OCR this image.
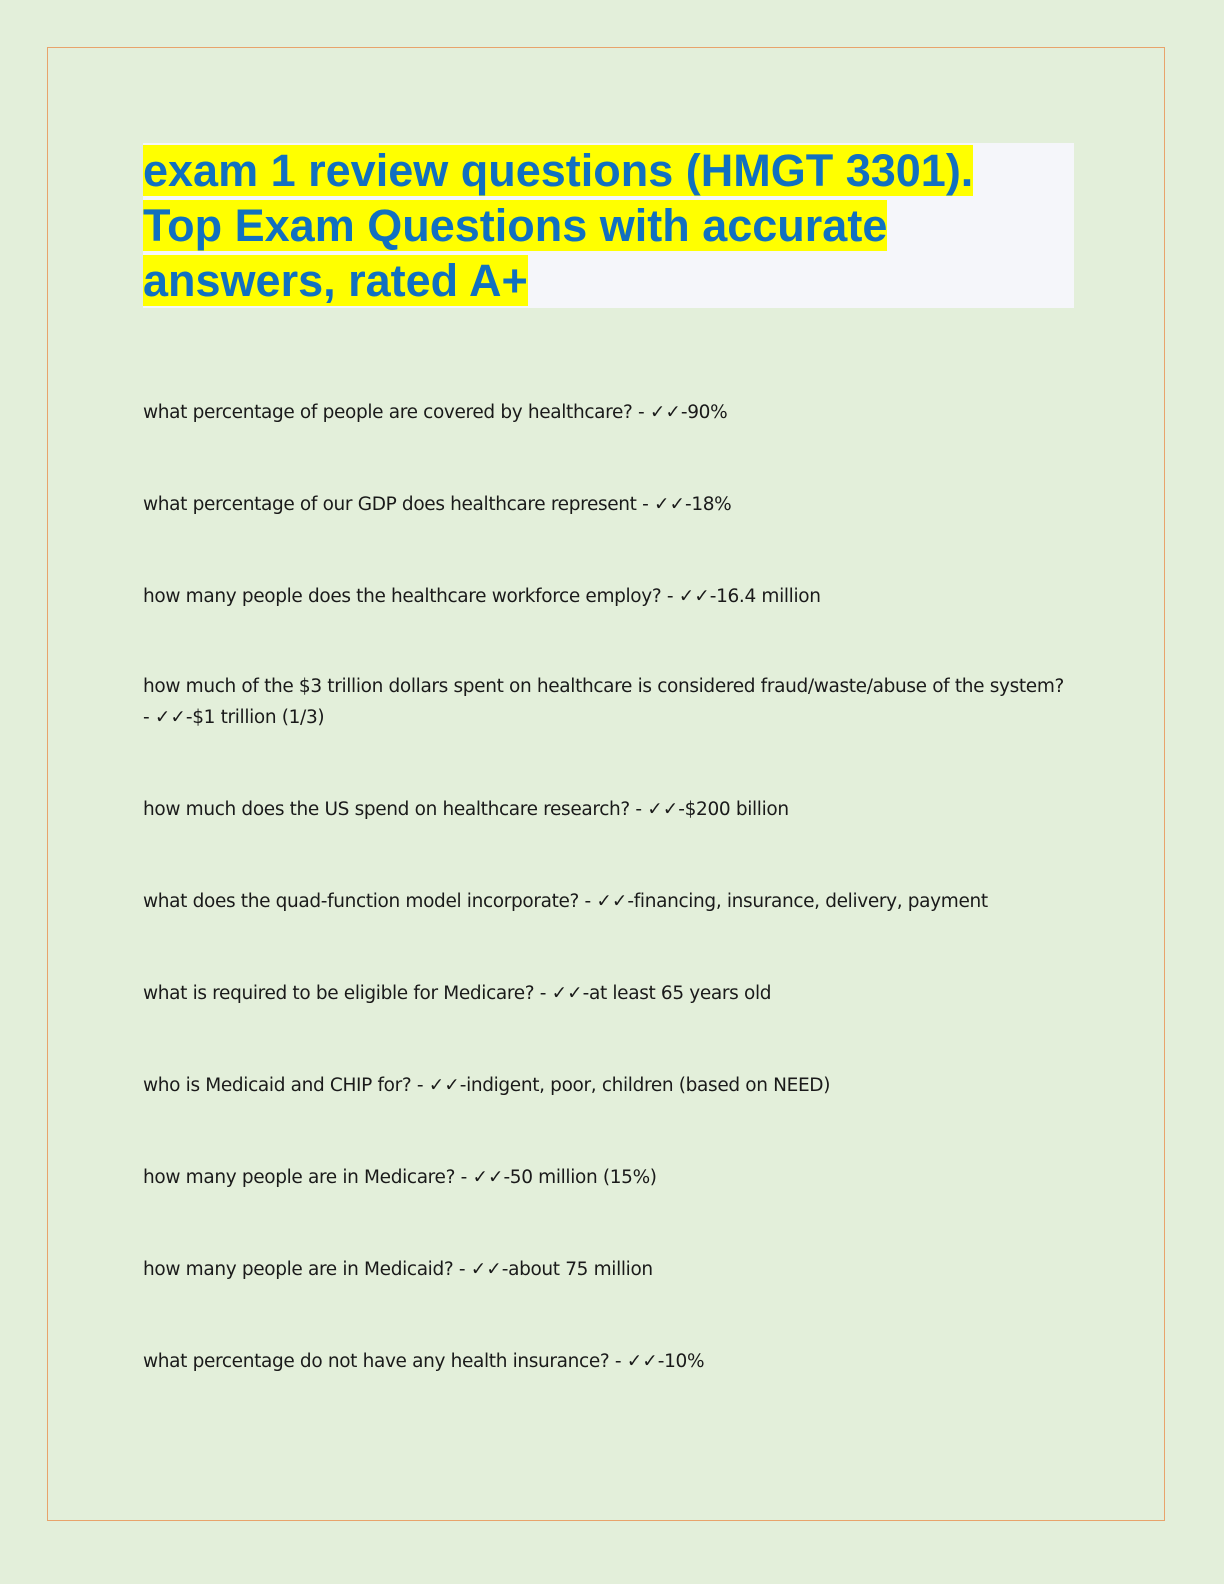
exam 1 review questions (HMGT 3301).
Top Exam Questions with accurate
answers, rated A+
what percentage of people are covered by healthcare? - ✓✓-90%
what percentage of our GDP does healthcare represent - ✓✓-18%
how many people does the healthcare workforce employ? - ✓✓-16.4 million
how much of the $3 trillion dollars spent on healthcare is considered fraud/waste/abuse of the system?
- ✓✓-$1 trillion (1/3)
how much does the US spend on healthcare research? - ✓✓-$200 billion
what does the quad-function model incorporate? - ✓✓-financing, insurance, delivery, payment
what is required to be eligible for Medicare? - ✓✓-at least 65 years old
who is Medicaid and CHIP for? - ✓✓-indigent, poor, children (based on NEED)
how many people are in Medicare? - ✓✓-50 million (15%)
how many people are in Medicaid? - ✓✓-about 75 million
what percentage do not have any health insurance? - ✓✓-10%
